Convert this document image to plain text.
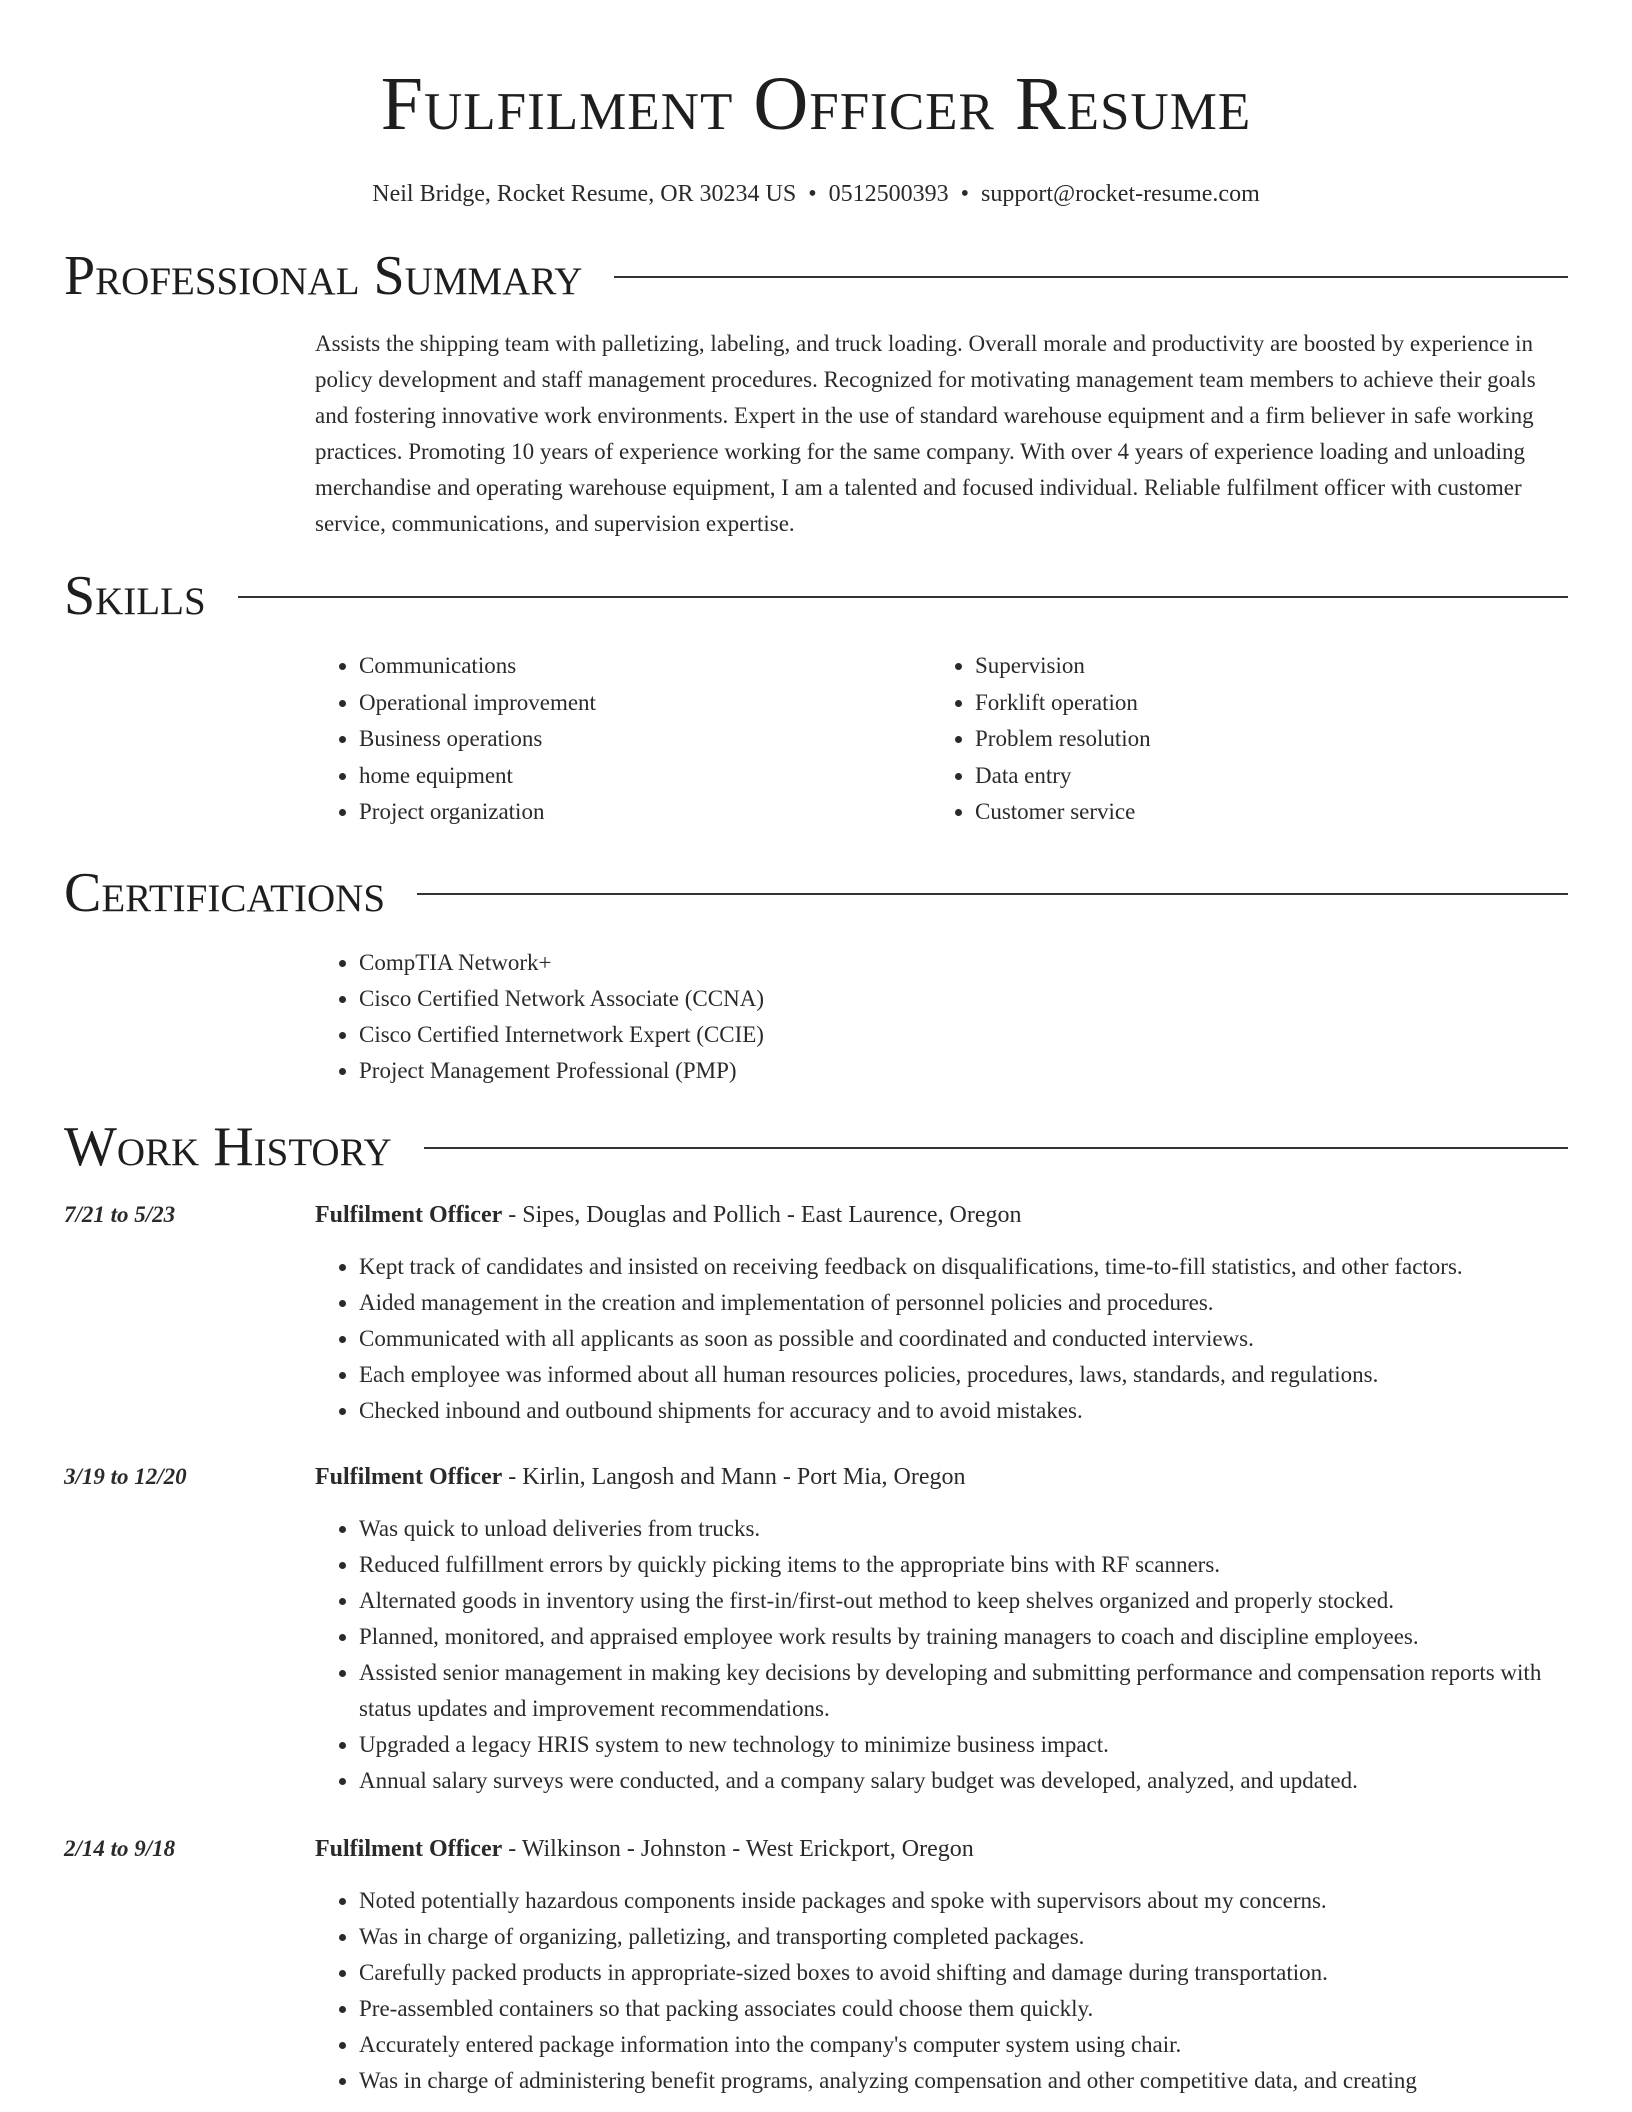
Fulfilment Officer Resume
Neil Bridge, Rocket Resume, OR 30234 US • 0512500393 • support@rocket-resume.com
Professional Summary
Assists the shipping team with palletizing, labeling, and truck loading. Overall morale and productivity are boosted by experience in policy development and staff management procedures. Recognized for motivating management team members to achieve their goals and fostering innovative work environments. Expert in the use of standard warehouse equipment and a firm believer in safe working practices. Promoting 10 years of experience working for the same company. With over 4 years of experience loading and unloading merchandise and operating warehouse equipment, I am a talented and focused individual. Reliable fulfilment officer with customer service, communications, and supervision expertise.
Skills
• Communications
• Operational improvement
• Business operations
• home equipment
• Project organization
• Supervision
• Forklift operation
• Problem resolution
• Data entry
• Customer service
Certifications
• CompTIA Network+
• Cisco Certified Network Associate (CCNA)
• Cisco Certified Internetwork Expert (CCIE)
• Project Management Professional (PMP)
Work History
7/21 to 5/23	Fulfilment Officer - Sipes, Douglas and Pollich - East Laurence, Oregon
• Kept track of candidates and insisted on receiving feedback on disqualifications, time-to-fill statistics, and other factors.
• Aided management in the creation and implementation of personnel policies and procedures.
• Communicated with all applicants as soon as possible and coordinated and conducted interviews.
• Each employee was informed about all human resources policies, procedures, laws, standards, and regulations.
• Checked inbound and outbound shipments for accuracy and to avoid mistakes.
3/19 to 12/20	Fulfilment Officer - Kirlin, Langosh and Mann - Port Mia, Oregon
• Was quick to unload deliveries from trucks.
• Reduced fulfillment errors by quickly picking items to the appropriate bins with RF scanners.
• Alternated goods in inventory using the first-in/first-out method to keep shelves organized and properly stocked.
• Planned, monitored, and appraised employee work results by training managers to coach and discipline employees.
• Assisted senior management in making key decisions by developing and submitting performance and compensation reports with status updates and improvement recommendations.
• Upgraded a legacy HRIS system to new technology to minimize business impact.
• Annual salary surveys were conducted, and a company salary budget was developed, analyzed, and updated.
2/14 to 9/18	Fulfilment Officer - Wilkinson - Johnston - West Erickport, Oregon
• Noted potentially hazardous components inside packages and spoke with supervisors about my concerns.
• Was in charge of organizing, palletizing, and transporting completed packages.
• Carefully packed products in appropriate-sized boxes to avoid shifting and damage during transportation.
• Pre-assembled containers so that packing associates could choose them quickly.
• Accurately entered package information into the company's computer system using chair.
• Was in charge of administering benefit programs, analyzing compensation and other competitive data, and creating
